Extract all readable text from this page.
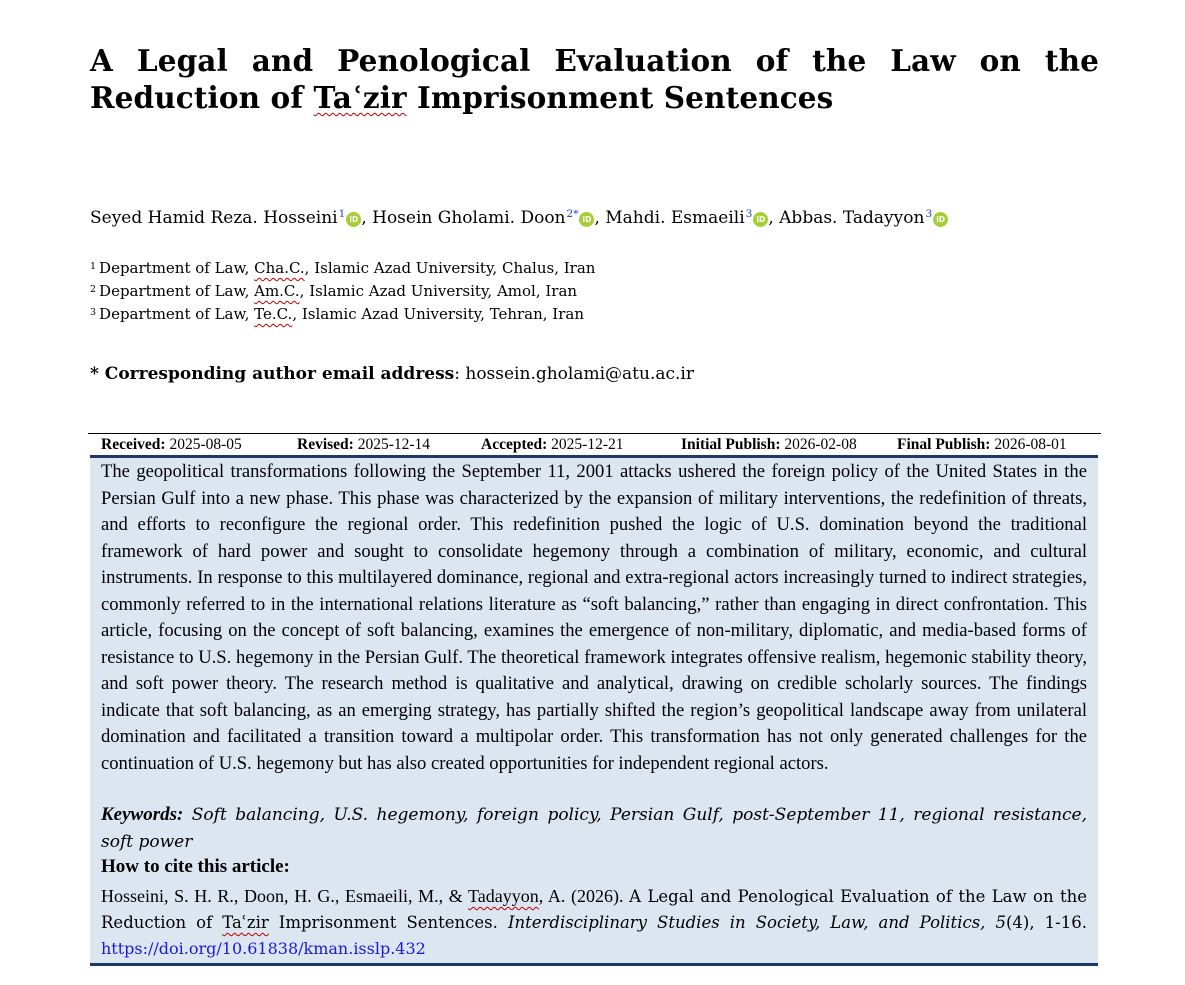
A Legal and Penological Evaluation of the Law on the Reduction of Taʿzir Imprisonment Sentences
Seyed Hamid Reza. Hosseini$^1$ iD , Hosein Gholami. Doon$^{2*}$ iD , Mahdi. Esmaeili$^3$ iD , Abbas. Tadayyon$^3$ iD
$^1$ Department of Law, Cha.C., Islamic Azad University, Chalus, Iran
$^2$ Department of Law, Am.C., Islamic Azad University, Amol, Iran
$^3$ Department of Law, Te.C., Islamic Azad University, Tehran, Iran
* Corresponding author email address: hossein.gholami@atu.ac.ir
Received: 2025-08-05	Revised: 2025-12-14	Accepted: 2025-12-21	Initial Publish: 2026-02-08	Final Publish: 2026-08-01

The geopolitical transformations following the September 11, 2001 attacks ushered the foreign policy of the United States in the Persian Gulf into a new phase. This phase was characterized by the expansion of military interventions, the redefinition of threats, and efforts to reconfigure the regional order. This redefinition pushed the logic of U.S. domination beyond the traditional framework of hard power and sought to consolidate hegemony through a combination of military, economic, and cultural instruments. In response to this multilayered dominance, regional and extra-regional actors increasingly turned to indirect strategies, commonly referred to in the international relations literature as “soft balancing,” rather than engaging in direct confrontation. This article, focusing on the concept of soft balancing, examines the emergence of non-military, diplomatic, and media-based forms of resistance to U.S. hegemony in the Persian Gulf. The theoretical framework integrates offensive realism, hegemonic stability theory, and soft power theory. The research method is qualitative and analytical, drawing on credible scholarly sources. The findings indicate that soft balancing, as an emerging strategy, has partially shifted the region’s geopolitical landscape away from unilateral domination and facilitated a transition toward a multipolar order. This transformation has not only generated challenges for the continuation of U.S. hegemony but has also created opportunities for independent regional actors.

Keywords: Soft balancing, U.S. hegemony, foreign policy, Persian Gulf, post-September 11, regional resistance, soft power

How to cite this article:

Hosseini, S. H. R., Doon, H. G., Esmaeili, M., & Tadayyon, A. (2026). A Legal and Penological Evaluation of the Law on the Reduction of Taʿzir Imprisonment Sentences. Interdisciplinary Studies in Society, Law, and Politics, 5(4), 1-16. https://doi.org/10.61838/kman.isslp.432
